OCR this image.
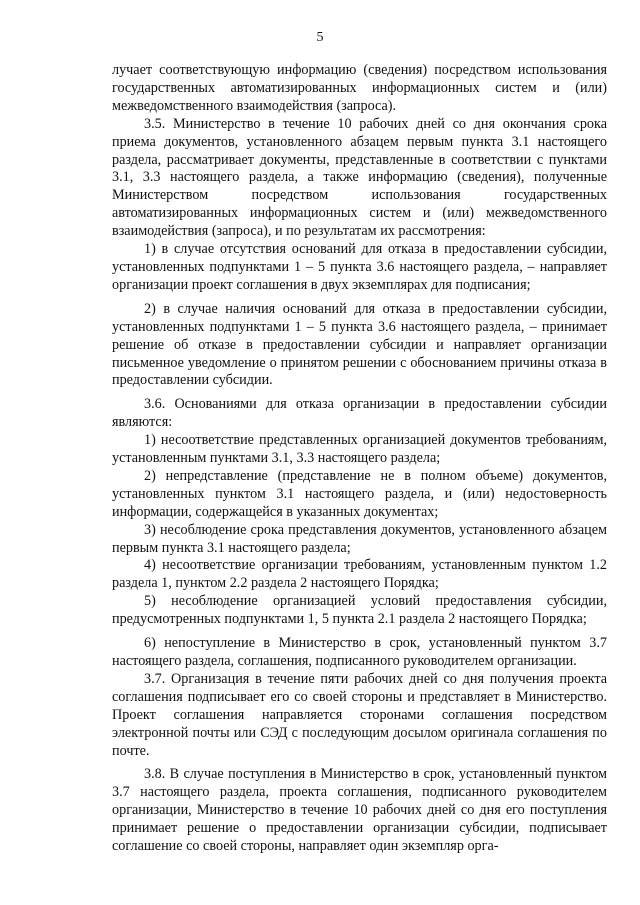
5

лучает соответствующую информацию (сведения) посредством использования государственных автоматизированных информационных систем и (или) межведомственного взаимодействия (запроса).

3.5. Министерство в течение 10 рабочих дней со дня окончания срока приема документов, установленного абзацем первым пункта 3.1 настоящего раздела, рассматривает документы, представленные в соответствии с пунктами 3.1, 3.3 настоящего раздела, а также информацию (сведения), полученные Министерством посредством использования государственных автоматизированных информационных систем и (или) межведомственного взаимодействия (запроса), и по результатам их рассмотрения:

1) в случае отсутствия оснований для отказа в предоставлении субсидии, установленных подпунктами 1 – 5 пункта 3.6 настоящего раздела, – направляет организации проект соглашения в двух экземплярах для подписания;

2) в случае наличия оснований для отказа в предоставлении субсидии, установленных подпунктами 1 – 5 пункта 3.6 настоящего раздела, – принимает решение об отказе в предоставлении субсидии и направляет организации письменное уведомление о принятом решении с обоснованием причины отказа в предоставлении субсидии.

3.6. Основаниями для отказа организации в предоставлении субсидии являются:

1) несоответствие представленных организацией документов требованиям, установленным пунктами 3.1, 3.3 настоящего раздела;

2) непредставление (представление не в полном объеме) документов, установленных пунктом 3.1 настоящего раздела, и (или) недостоверность информации, содержащейся в указанных документах;

3) несоблюдение срока представления документов, установленного абзацем первым пункта 3.1 настоящего раздела;

4) несоответствие организации требованиям, установленным пунктом 1.2 раздела 1, пунктом 2.2 раздела 2 настоящего Порядка;

5) несоблюдение организацией условий предоставления субсидии, предусмотренных подпунктами 1, 5 пункта 2.1 раздела 2 настоящего Порядка;

6) непоступление в Министерство в срок, установленный пунктом 3.7 настоящего раздела, соглашения, подписанного руководителем организации.

3.7. Организация в течение пяти рабочих дней со дня получения проекта соглашения подписывает его со своей стороны и представляет в Министерство. Проект соглашения направляется сторонами соглашения посредством электронной почты или СЭД с последующим досылом оригинала соглашения по почте.

3.8. В случае поступления в Министерство в срок, установленный пунктом 3.7 настоящего раздела, проекта соглашения, подписанного руководителем организации, Министерство в течение 10 рабочих дней со дня его поступления принимает решение о предоставлении организации субсидии, подписывает соглашение со своей стороны, направляет один экземпляр орга-
